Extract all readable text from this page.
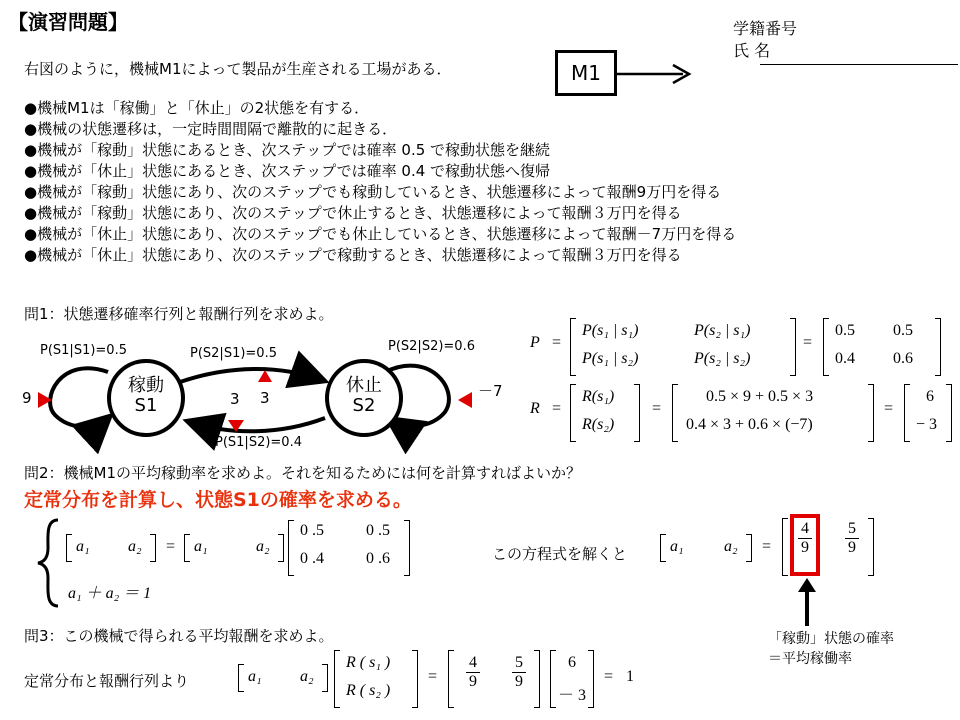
【演習問題】	学籍番号
氏 名
右図のように，機械M1によって製品が生産される工場がある．	M1
●機械M1は「稼働」と「休止」の2状態を有する．
●機械の状態遷移は，一定時間間隔で離散的に起きる．
●機械が「稼動」状態にあるとき、次ステップでは確率 0.5 で稼動状態を継続
●機械が「休止」状態にあるとき、次ステップでは確率 0.4 で稼動状態へ復帰
●機械が「稼動」状態にあり、次のステップでも稼動しているとき、状態遷移によって報酬9万円を得る
●機械が「稼動」状態にあり、次のステップで休止するとき、状態遷移によって報酬３万円を得る
●機械が「休止」状態にあり、次のステップでも休止しているとき、状態遷移によって報酬－7万円を得る
●機械が「休止」状態にあり、次のステップで稼動するとき、状態遷移によって報酬３万円を得る
問1：状態遷移確率行列と報酬行列を求めよ。
稼動
S1
休止
S2
P(S1|S1)=0.5	P(S2|S1)=0.5	P(S2|S2)=0.6
P(S1|S2)=0.4
9	－7
3 3
P =
P(s₁ | s₁)	P(s₂ | s₁)
P(s₁ | s₂)	P(s₂ | s₂)
=
0.5 0.5
0.4 0.6
R =
R(s₁)
R(s₂)
=
0.5 × 9 + 0.5 × 3
0.4 × 3 + 0.6 × (−7)
=
6
− 3
問2：機械M1の平均稼動率を求めよ。それを知るためには何を計算すればよいか？
定常分布を計算し、状態S1の確率を求める。
a₁ a₂ = a₁	a₂
0 .5	0 .5
0 .4	0 .6
a₁ ＋ a₂ ＝ 1
この方程式を解くと	a₁	a₂ =
4
9
5
9
「稼動」状態の確率
＝平均稼働率
問3：この機械で得られる平均報酬を求めよ。
定常分布と報酬行列より	a₁ a₂
R ( s₁ )
R ( s₂ )
=
4
9
5
9
6
－ 3
= 1
